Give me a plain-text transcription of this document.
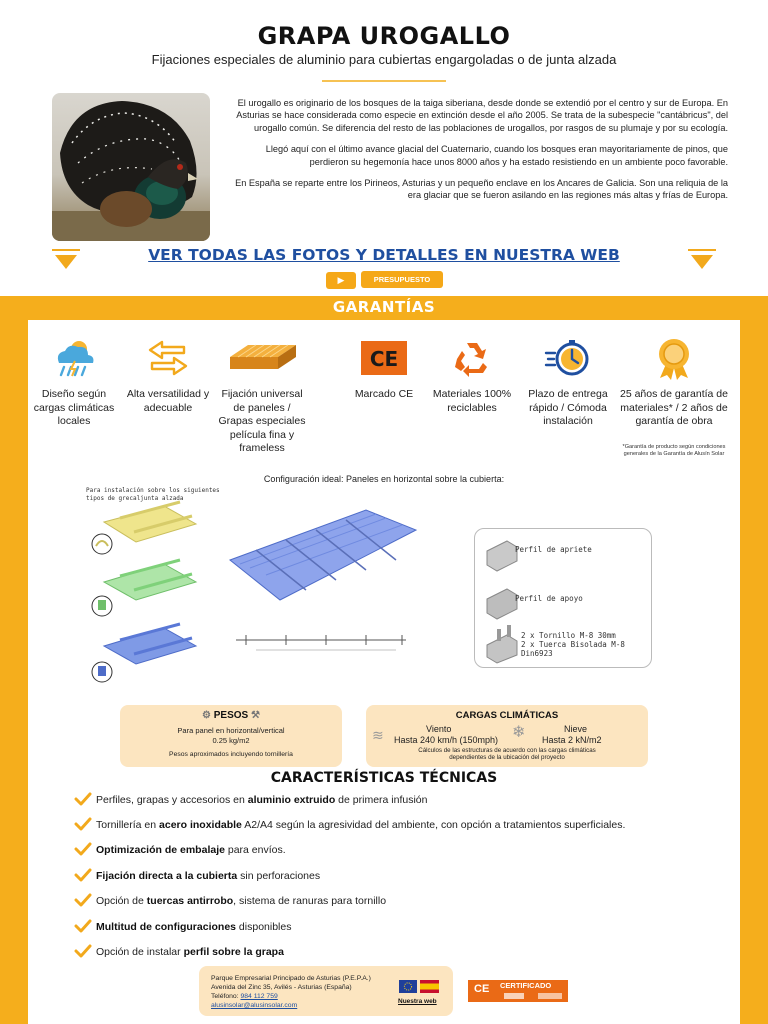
GRAPA UROGALLO
Fijaciones especiales de aluminio para cubiertas engargoladas o de junta alzada

El urogallo es originario de los bosques de la taiga siberiana, desde donde se extendió por el centro y sur de Europa. En Asturias se hace considerada como especie en extinción desde el año 2005. Se trata de la subespecie "cantábricus", del urogallo común. Se diferencia del resto de las poblaciones de urogallos, por rasgos de su plumaje y por su ecología.

Llegó aquí con el último avance glacial del Cuaternario, cuando los bosques eran mayoritariamente de pinos, que perdieron su hegemonía hace unos 8000 años y ha estado resistiendo en un ambiente poco favorable.

En España se reparte entre los Pirineos, Asturias y un pequeño enclave en los Ancares de Galicia. Son una reliquia de la era glaciar que se fueron asilando en las regiones más altas y frías de Europa.

VER TODAS LAS FOTOS Y DETALLES EN NUESTRA WEB
▶	PRESUPUESTO
GARANTÍAS
Diseño según cargas climáticas locales
Alta versatilidad y adecuable
Fijación universal de paneles / Grapas especiales película fina y frameless
CE
Marcado CE	Materiales 100% reciclables
Plazo de entrega rápido / Cómoda instalación
25 años de garantía de materiales* / 2 años de garantía de obra
*Garantía de producto según condiciones generales de la Garantía de Alusín Solar
Configuración ideal: Paneles en horizontal sobre la cubierta:
Para instalación sobre los siguientes
tipos de grecaljunta alzada
Perfil de apriete
Perfil de apoyo
2 x Tornillo M-8 30mm
2 x Tuerca Bisolada M-8 Din6923
⚙ PESOS ⚒
Para panel en horizontal/vertical
0.25 kg/m2
Pesos aproximados incluyendo tornillería
CARGAS CLIMÁTICAS
≋	Viento
Hasta 240 km/h (150mph) ❄	Nieve
Hasta 2 kN/m2
Cálculos de las estructuras de acuerdo con las cargas climáticas
dependientes de la ubicación del proyecto
CARACTERÍSTICAS TÉCNICAS
Perfiles, grapas y accesorios en aluminio extruido de primera infusión
Tornillería en acero inoxidable A2/A4 según la agresividad del ambiente, con opción a tratamientos superficiales.
Optimización de embalaje para envíos.
Fijación directa a la cubierta sin perforaciones
Opción de tuercas antirrobo, sistema de ranuras para tornillo
Multitud de configuraciones disponibles
Opción de instalar perfil sobre la grapa
Parque Empresarial Principado de Asturias (P.E.P.A.)
Avenida del Zinc 35, Avilés - Asturias (España)
Teléfono: 984 112 759
alusinsolar@alusinsolar.com
Nuestra web
CE CERTIFICADO
